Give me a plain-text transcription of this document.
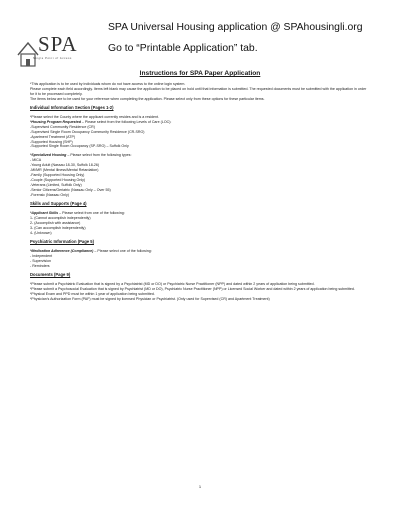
SPA Universal Housing application @ SPAhousingli.org
Go to “Printable Application” tab.
SPA
Single Point of Access
Instructions for SPA Paper Application

*This application is to be used by individuals whom do not have access to the online login system.

Please complete each field accordingly. Items left blank may cause the application to be placed on hold until that information is submitted. The requested documents must be submitted with the application in order for it to be processed completely.

The items below are to be used for your reference when completing the application. Please select only from these options for these particular items.

Individual Information Section (Pages 1-2)

*Please select the County where the applicant currently resides and is a resident.

*Housing Program Requested – Please select from the following Levels of Care (LOC):

-Supervised Community Residence (CR)
-Supervised Single Room Occupancy Community Residence (CR-SRO)
-Apartment Treatment (ATP)
-Supported Housing (SHP)
-Supported Single Room Occupancy (SP-SRO) – Suffolk Only

*Specialized Housing – Please select from the following types:

- MICA
-Young Adult (Nassau 18-30, Suffolk 18-26)
-MI/MR (Mental Illness/Mental Retardation)
-Family (Supported Housing Only)
-Couple (Supported Housing Only)
-Veterans (Limited, Suffolk Only)
-Senior Citizens/Geriatric (Nassau Only – Over 55)
-Forensic (Nassau Only)
Skills and Supports (Page 4)

*Applicant Skills – Please select from one of the following:

1- (Cannot accomplish independently)
2- (Accomplish with assistance)
3- (Can accomplish independently)
4- (Unknown)
Psychiatric Information (Page 5)

*Medication Adherence (Compliance) – Please select one of the following:

- Independent
- Supervision
- Reminders
Documents (Page 9)

*Please submit a Psychiatric Evaluation that is signed by a Psychiatrist (MD or DO) or Psychiatric Nurse Practitioner (NPP) and dated within 2 years of application being submitted.

*Please submit a Psychosocial Evaluation that is signed by Psychiatrist (MD or DO), Psychiatric Nurse Practitioner (NPP) or Licensed Social Worker and dated within 2 years of application being submitted.

*Physical Exam and PPD must be within 1 year of application being submitted.

*Physician’s Authorization Form (PAF) must be signed by licensed Physician or Psychiatrist. (Only used for Supervised (CR) and Apartment Treatment)

1
